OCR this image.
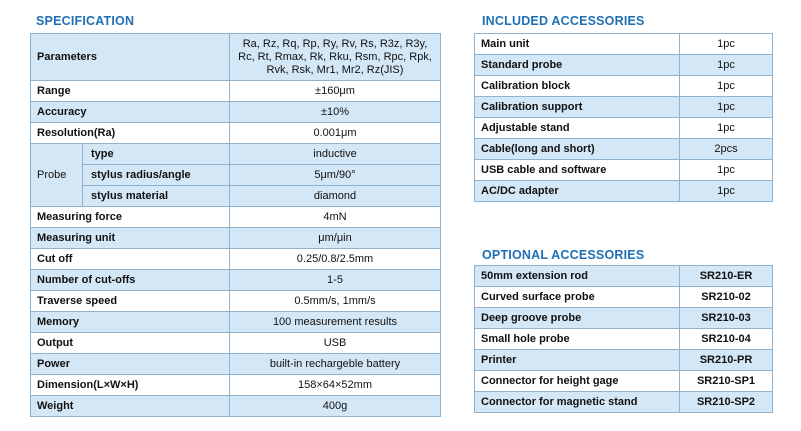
SPECIFICATION
Parameters		Ra, Rz, Rq, Rp, Ry, Rv, Rs, R3z, R3y,
Rc, Rt, Rmax, Rk, Rku, Rsm, Rpc, Rpk,
Rvk, Rsk, Mr1, Mr2, Rz(JIS)

Range		±160μm
Accuracy		±10%
Resolution(Ra)		0.001μm
Probe	type	inductive
	stylus radius/angle	5μm/90°
	stylus material	diamond
Measuring force		4mN
Measuring unit		μm/μin
Cut off		0.25/0.8/2.5mm
Number of cut-offs		1-5
Traverse speed		0.5mm/s, 1mm/s
Memory		100 measurement results
Output		USB
Power		built-in rechargeble battery
Dimension(L×W×H)		158×64×52mm
Weight		400g
INCLUDED ACCESSORIES
Main unit	1pc
Standard probe	1pc
Calibration block	1pc
Calibration support	1pc
Adjustable stand	1pc
Cable(long and short)	2pcs
USB cable and software	1pc
AC/DC adapter	1pc
OPTIONAL ACCESSORIES
50mm extension rod	SR210-ER
Curved surface probe	SR210-02
Deep groove probe	SR210-03
Small hole probe	SR210-04
Printer	SR210-PR
Connector for height gage	SR210-SP1
Connector for magnetic stand	SR210-SP2
